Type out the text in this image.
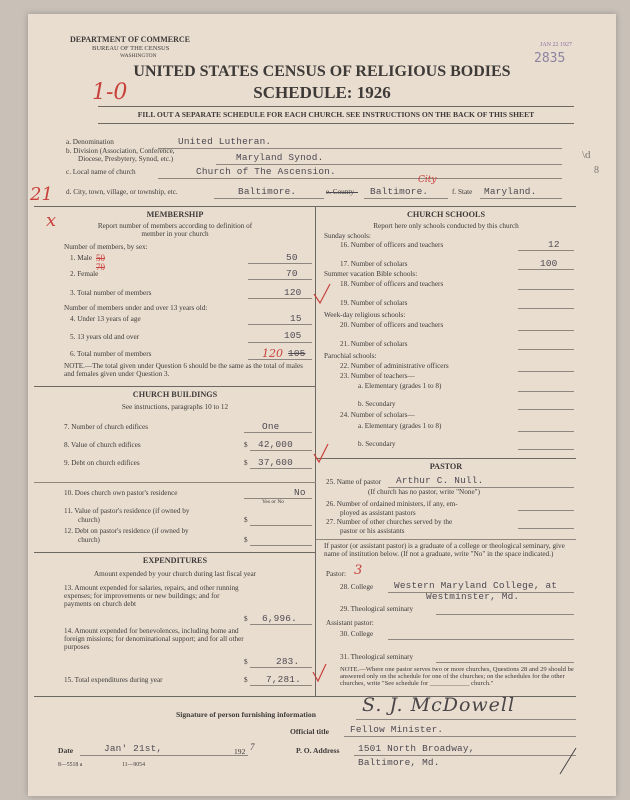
DEPARTMENT OF COMMERCE
BUREAU OF THE CENSUS
WASHINGTON
JAN 22 1927
2835
UNITED STATES CENSUS OF RELIGIOUS BODIES
SCHEDULE: 1926
1-0
FILL OUT A SEPARATE SCHEDULE FOR EACH CHURCH. SEE INSTRUCTIONS ON THE BACK OF THIS SHEET
\d
8
a. Denomination	United Lutheran.
b. Division (Association, Conference,
Diocese, Presbytery, Synod, etc.)	Maryland Synod.
c. Local name of church	Church of The Ascension.
21 d. City, town, village, or township, etc.	Baltimore.	e. County Baltimore.
City
f. State Maryland.
MEMBERSHIP
x	Report number of members according to definition of
member in your church
Number of members, by sex:
1. Male 50	50
2. Female
70
70
3. Total number of members	120
Number of members under and over 13 years old:
4. Under 13 years of age	15
5. 13 years old and over	105
6. Total number of members	120 105
NOTE.—The total given under Question 6 should be the same as the total of males and females given under Question 3.
CHURCH BUILDINGS
See instructions, paragraphs 10 to 12
7. Number of church edifices	One
8. Value of church edifices	$ 42,000
9. Debt on church edifices	$ 37,600
10. Does church own pastor's residence	No
Yes or No
11. Value of pastor's residence (if owned by
church)	$
12. Debt on pastor's residence (if owned by
church)	$
EXPENDITURES
Amount expended by your church during last fiscal year
13. Amount expended for salaries, repairs, and other running expenses; for improvements or new buildings; and for payments on church debt
$ 6,996.
14. Amount expended for benevolences, including home and foreign missions; for denominational support; and for all other purposes
$	283.
15. Total expenditures during year	$ 7,281.
CHURCH SCHOOLS
Report here only schools conducted by this church
Sunday schools:
16. Number of officers and teachers	12
17. Number of scholars	100
Summer vacation Bible schools:
18. Number of officers and teachers
19. Number of scholars
Week-day religious schools:
20. Number of officers and teachers
21. Number of scholars
Parochial schools:
22. Number of administrative officers
23. Number of teachers—
a. Elementary (grades 1 to 8)
b. Secondary
24. Number of scholars—
a. Elementary (grades 1 to 8)
b. Secondary
PASTOR
25. Name of pastor Arthur C. Null.
(If church has no pastor, write "None")
26. Number of ordained ministers, if any, em-
ployed as assistant pastors
27. Number of other churches served by the
pastor or his assistants
If pastor (or assistant pastor) is a graduate of a college or theological seminary, give name of institution below. (If not a graduate, write "No" in the space indicated.)
Pastor: 3
28. College Western Maryland College, at
Westminster, Md.
29. Theological seminary
Assistant pastor:
30. College
31. Theological seminary
NOTE.—Where one pastor serves two or more churches, Questions 28 and 29 should be answered only on the schedule for one of the churches; on the schedules for the other churches, write "See schedule for ____________ church."
Signature of person furnishing information S. J. McDowell
Official title Fellow Minister.
Date	Jan' 21st,	192 7	P. O. Address 1501 North Broadway,
Baltimore, Md.
8—5518 a	11—9054
